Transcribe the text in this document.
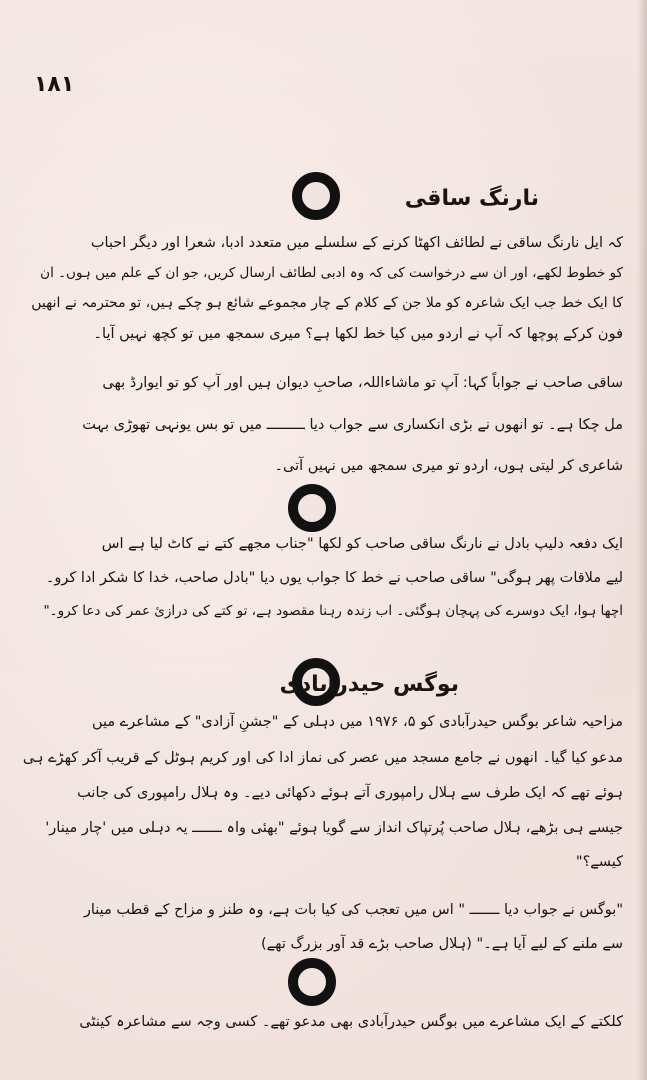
۱۸۱
نارنگ ساقی
کہ ایل نارنگ ساقی نے لطائف اکھٹا کرنے کے سلسلے میں متعدد ادبا، شعرا اور دیگر احباب
کو خطوط لکھے، اور ان سے درخواست کی کہ وہ ادبی لطائف ارسال کریں، جو ان کے علم میں ہوں۔ ان
کا ایک خط جب ایک شاعرہ کو ملا جن کے کلام کے چار مجموعے شائع ہو چکے ہیں، تو محترمہ نے انھیں
فون کرکے پوچھا کہ آپ نے اردو میں کیا خط لکھا ہے؟ میری سمجھ میں تو کچھ نہیں آیا۔
ساقی صاحب نے جواباً کہا: آپ تو ماشاءاللہ، صاحبِ دیوان ہیں اور آپ کو تو ایوارڈ بھی
مل چکا ہے۔ تو انھوں نے بڑی انکساری سے جواب دیا ـــــــــ میں تو بس یونہی تھوڑی بہت
شاعری کر لیتی ہوں، اردو تو میری سمجھ میں نہیں آتی۔
ایک دفعہ دلیپ بادل نے نارنگ ساقی صاحب کو لکھا "جناب مجھے کتے نے کاٹ لیا ہے اس
لیے ملاقات پھر ہوگی" ساقی صاحب نے خط کا جواب یوں دیا "بادل صاحب، خدا کا شکر ادا کرو۔
اچھا ہوا، ایک دوسرے کی پہچان ہوگئی۔ اب زندہ رہنا مقصود ہے، تو کتے کی درازیٔ عمر کی دعا کرو۔"
بوگس حیدرآبادی
مزاحیہ شاعر بوگس حیدرآبادی کو ۵، ۱۹۷۶ میں دہلی کے "جشنِ آزادی" کے مشاعرے میں
مدعو کیا گیا۔ انھوں نے جامع مسجد میں عصر کی نماز ادا کی اور کریم ہوٹل کے قریب آکر کھڑے ہی
ہوئے تھے کہ ایک طرف سے ہلال رامپوری آتے ہوئے دکھائی دیے۔ وہ ہلال رامپوری کی جانب
جیسے ہی بڑھے، ہلال صاحب پُرتپاک انداز سے گویا ہوئے "بھئی واہ ـــــــ یہ دہلی میں 'چار مینار'
کیسے؟"
"بوگس نے جواب دیا ـــــــ " اس میں تعجب کی کیا بات ہے، وہ طنز و مزاح کے قطب مینار
سے ملنے کے لیے آیا ہے۔" (ہلال صاحب بڑے قد آور بزرگ تھے)
کلکتے کے ایک مشاعرے میں بوگس حیدرآبادی بھی مدعو تھے۔ کسی وجہ سے مشاعرہ کینٹی
